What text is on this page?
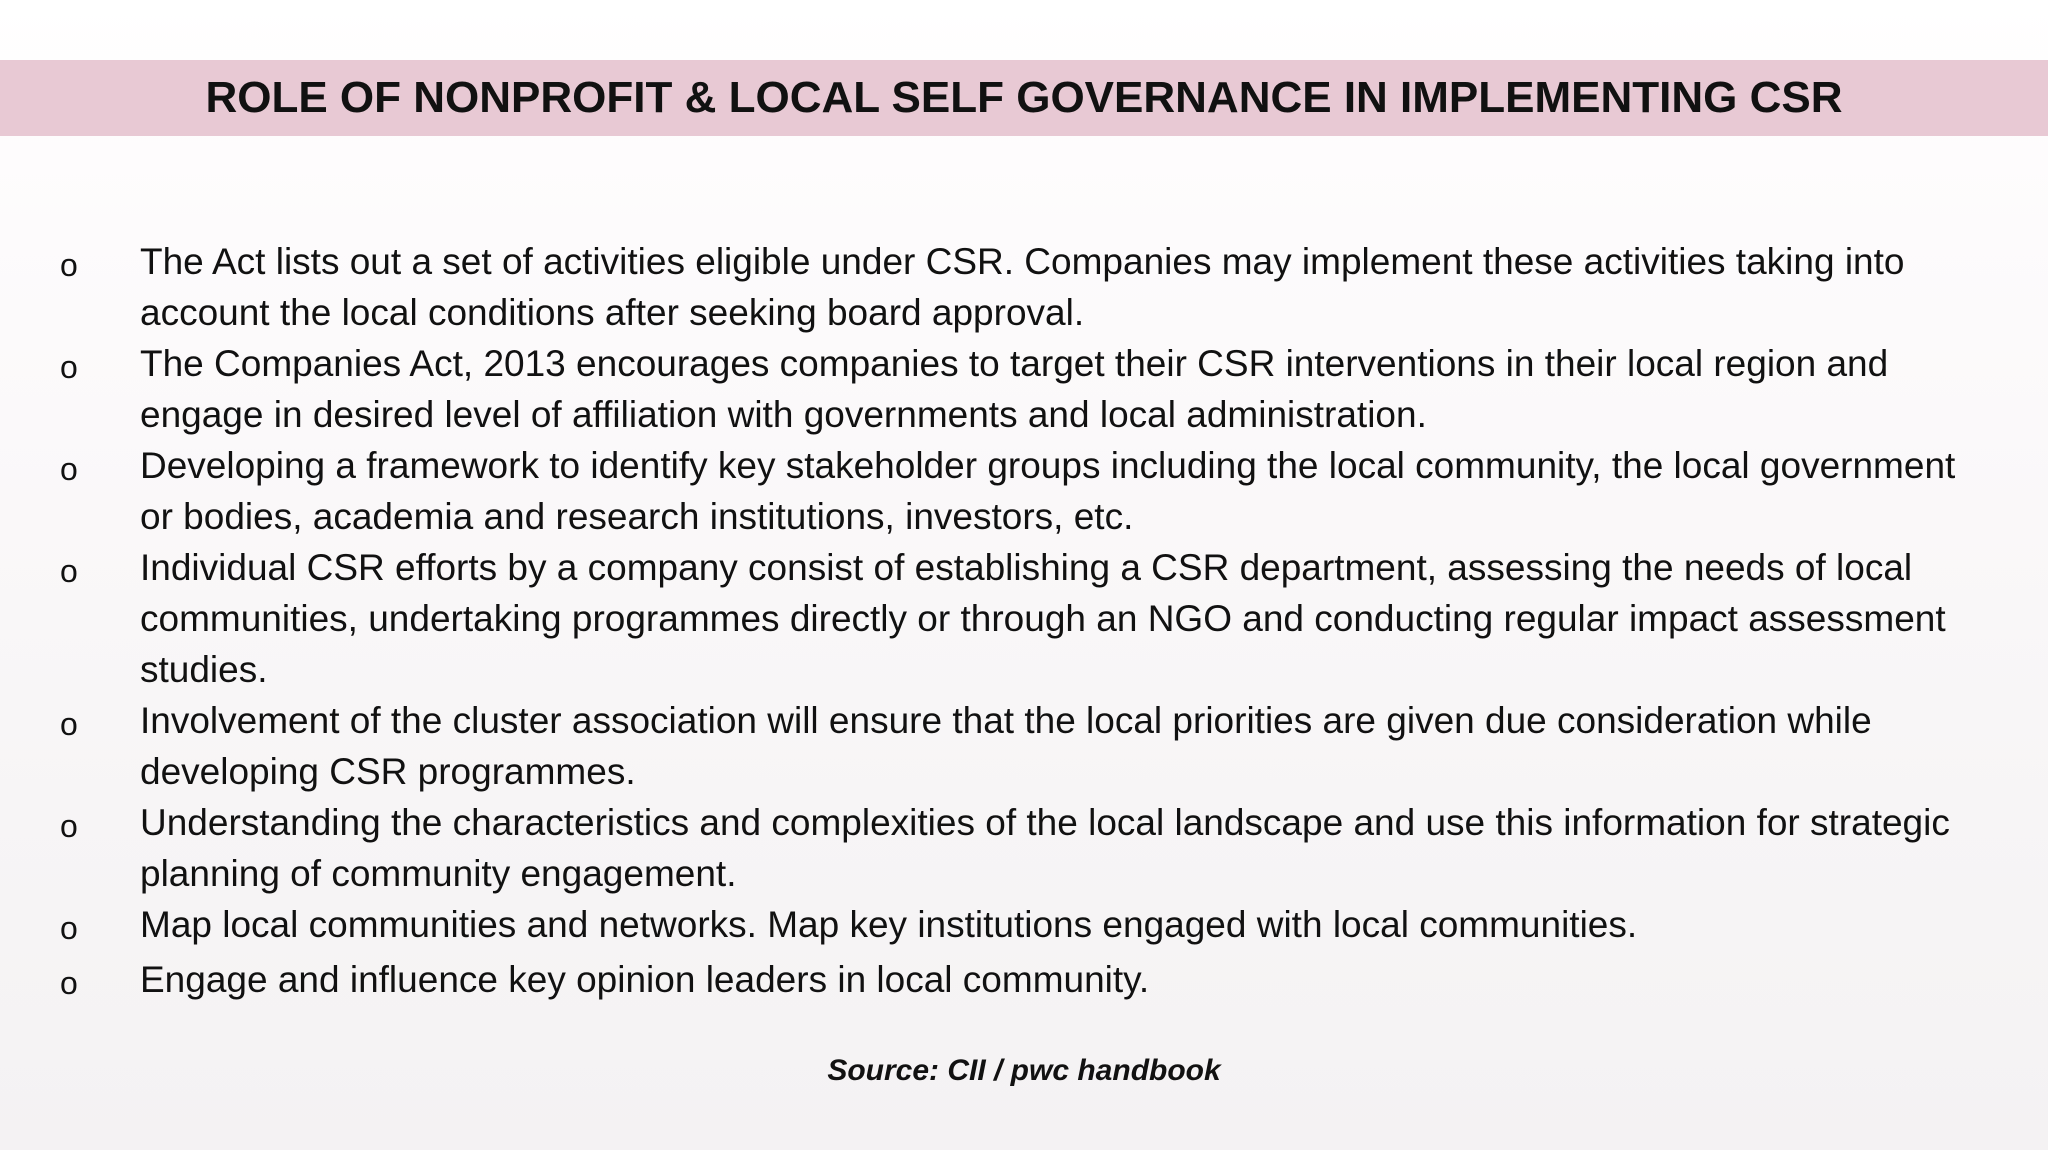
ROLE OF NONPROFIT & LOCAL SELF GOVERNANCE IN IMPLEMENTING CSR
o	The Act lists out a set of activities eligible under CSR. Companies may implement these activities taking into account the local conditions after seeking board approval.
o	The Companies Act, 2013 encourages companies to target their CSR interventions in their local region and engage in desired level of affiliation with governments and local administration.
o	Developing a framework to identify key stakeholder groups including the local community, the local government or bodies, academia and research institutions, investors, etc.
o	Individual CSR efforts by a company consist of establishing a CSR department, assessing the needs of local communities, undertaking programmes directly or through an NGO and conducting regular impact assessment studies.
o	Involvement of the cluster association will ensure that the local priorities are given due consideration while developing CSR programmes.
o	Understanding the characteristics and complexities of the local landscape and use this information for strategic planning of community engagement.
o	Map local communities and networks. Map key institutions engaged with local communities.
o	Engage and influence key opinion leaders in local community.
Source: CII / pwc handbook
